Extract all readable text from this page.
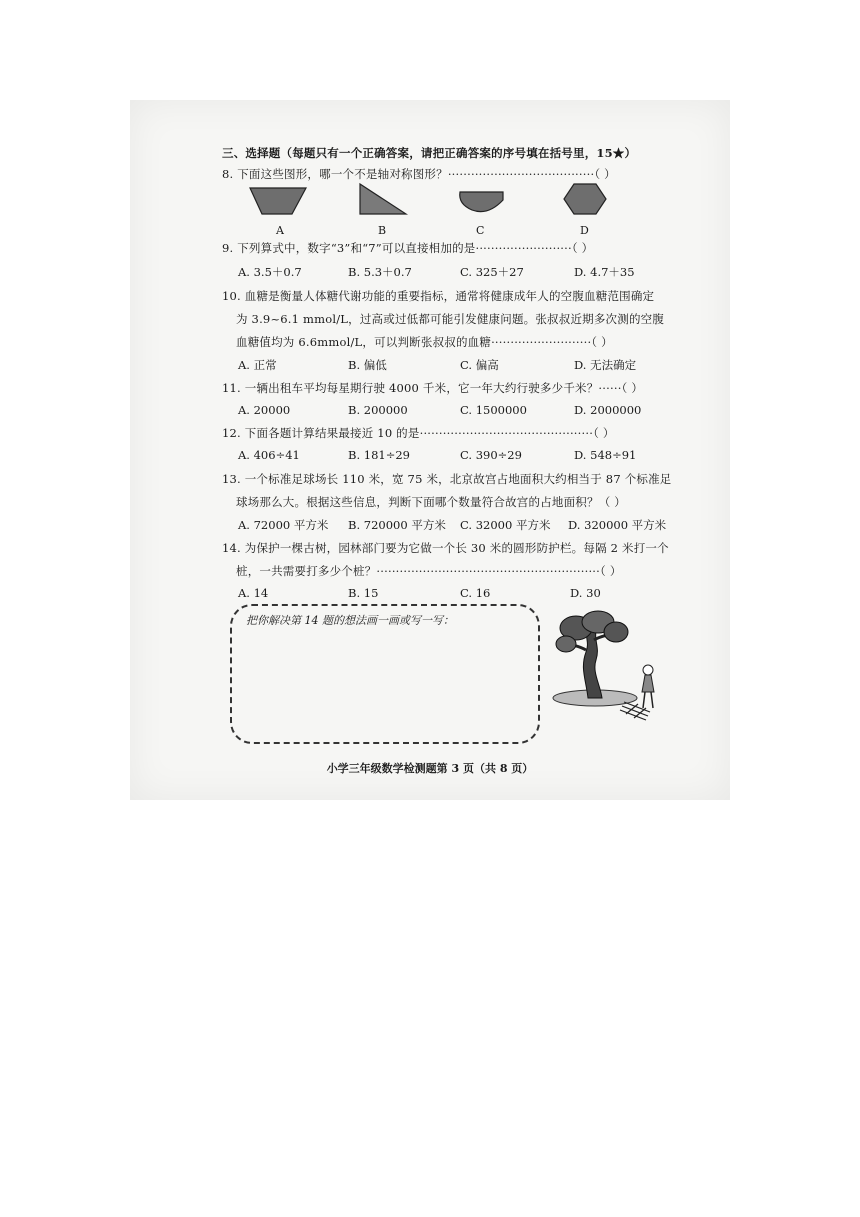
三、选择题（每题只有一个正确答案，请把正确答案的序号填在括号里，15★）
8. 下面这些图形，哪一个不是轴对称图形？······································（ ）
A	B	C	D
9. 下列算式中，数字“3”和“7”可以直接相加的是·························（ ）
A. 3.5＋0.7	B. 5.3＋0.7	C. 325＋27	D. 4.7＋35
10. 血糖是衡量人体糖代谢功能的重要指标，通常将健康成年人的空腹血糖范围确定
为 3.9~6.1 mmol/L，过高或过低都可能引发健康问题。张叔叔近期多次测的空腹
血糖值均为 6.6mmol/L，可以判断张叔叔的血糖··························（ ）
A. 正常	B. 偏低	C. 偏高	D. 无法确定
11. 一辆出租车平均每星期行驶 4000 千米，它一年大约行驶多少千米？······（ ）
A. 20000	B. 200000	C. 1500000	D. 2000000
12. 下面各题计算结果最接近 10 的是·············································（ ）
A. 406÷41	B. 181÷29	C. 390÷29	D. 548÷91
13. 一个标准足球场长 110 米，宽 75 米，北京故宫占地面积大约相当于 87 个标准足
球场那么大。根据这些信息，判断下面哪个数量符合故宫的占地面积？（ ）
A. 72000 平方米 B. 720000 平方米 C. 32000 平方米 D. 320000 平方米
14. 为保护一棵古树，园林部门要为它做一个长 30 米的圆形防护栏。每隔 2 米打一个
桩，一共需要打多少个桩？··························································（ ）
A. 14	B. 15	C. 16	D. 30
把你解决第 14 题的想法画一画或写一写：
小学三年级数学检测题第 3 页（共 8 页）
